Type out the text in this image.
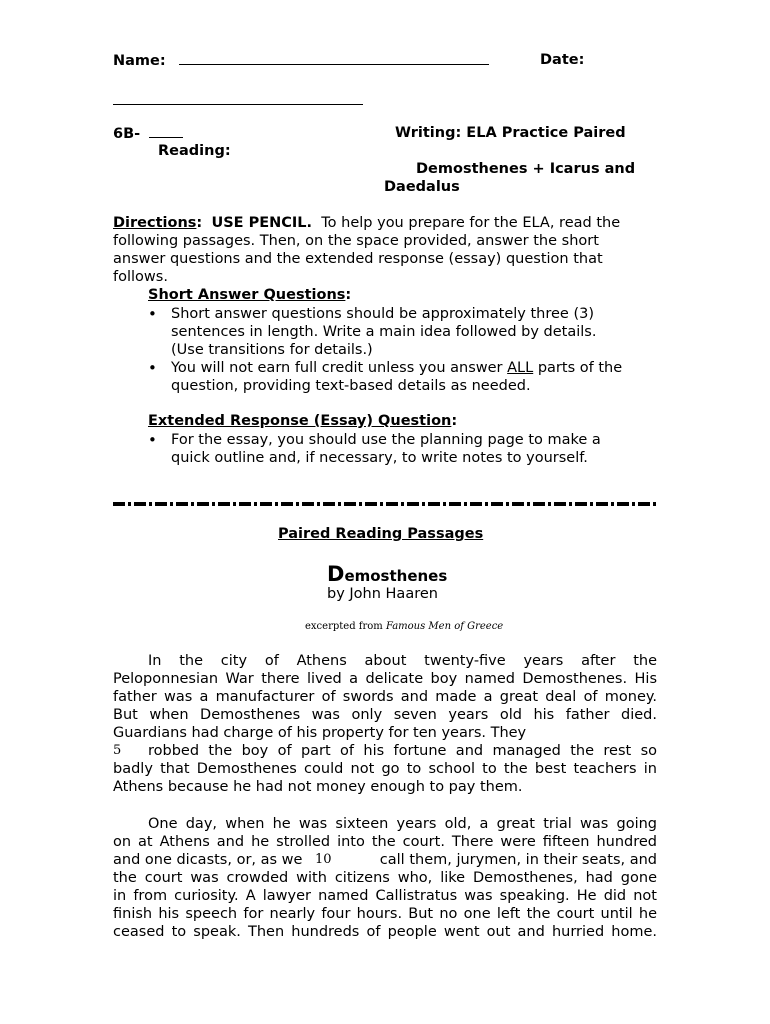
Name:	Date:
6B-	Writing: ELA Practice Paired
Reading:
Demosthenes + Icarus and
Daedalus
Directions: USE PENCIL. To help you prepare for the ELA, read the
following passages. Then, on the space provided, answer the short
answer questions and the extended response (essay) question that
follows.
Short Answer Questions:
• Short answer questions should be approximately three (3)
sentences in length. Write a main idea followed by details.
(Use transitions for details.)
• You will not earn full credit unless you answer ALL parts of the
question, providing text-based details as needed.
Extended Response (Essay) Question:
• For the essay, you should use the planning page to make a
quick outline and, if necessary, to write notes to yourself.
Paired Reading Passages
Demosthenes
by John Haaren
excerpted from Famous Men of Greece
In the city of Athens about twenty-five years after the
Peloponnesian War there lived a delicate boy named Demosthenes. His
father was a manufacturer of swords and made a great deal of money.
But when Demosthenes was only seven years old his father died.
Guardians had charge of his property for ten years. They
5	robbed the boy of part of his fortune and managed the rest so
badly that Demosthenes could not go to school to the best teachers in
Athens because he had not money enough to pay them.
One day, when he was sixteen years old, a great trial was going
on at Athens and he strolled into the court. There were fifteen hundred
and one dicasts, or, as we 10	call them, jurymen, in their seats, and
the court was crowded with citizens who, like Demosthenes, had gone
in from curiosity. A lawyer named Callistratus was speaking. He did not
finish his speech for nearly four hours. But no one left the court until he
ceased to speak. Then hundreds of people went out and hurried home.
